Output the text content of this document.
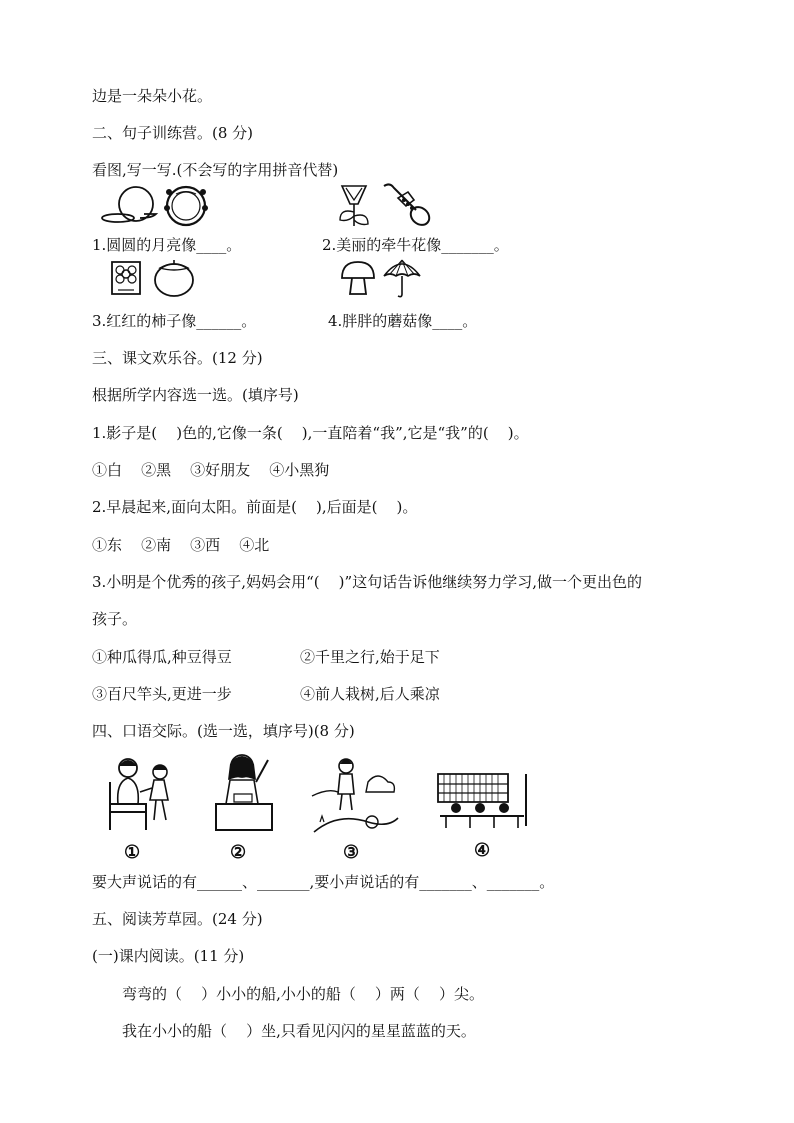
边是一朵朵小花。
二、句子训练营。(8 分)
看图,写一写.(不会写的字用拼音代替)
1.圆圆的月亮像____。	2.美丽的牵牛花像_______。
3.红红的柿子像______。	4.胖胖的蘑菇像____。
三、课文欢乐谷。(12 分)
根据所学内容选一选。(填序号)
1.影子是(    )色的,它像一条(    ),一直陪着“我”,它是“我”的(    )。
①白    ②黑    ③好朋友    ④小黑狗
2.早晨起来,面向太阳。前面是(    ),后面是(    )。
①东    ②南    ③西    ④北
3.小明是个优秀的孩子,妈妈会用“(    )”这句话告诉他继续努力学习,做一个更出色的
孩子。
①种瓜得瓜,种豆得豆	②千里之行,始于足下
③百尺竿头,更进一步	④前人栽树,后人乘凉
四、口语交际。(选一选，填序号)(8 分)
①	②	③	④
要大声说话的有______、_______,要小声说话的有_______、_______。
五、阅读芳草园。(24 分)
(一)课内阅读。(11 分)
弯弯的（    ）小小的船,小小的船（    ）两（    ）尖。
我在小小的船（    ）坐,只看见闪闪的星星蓝蓝的天。
